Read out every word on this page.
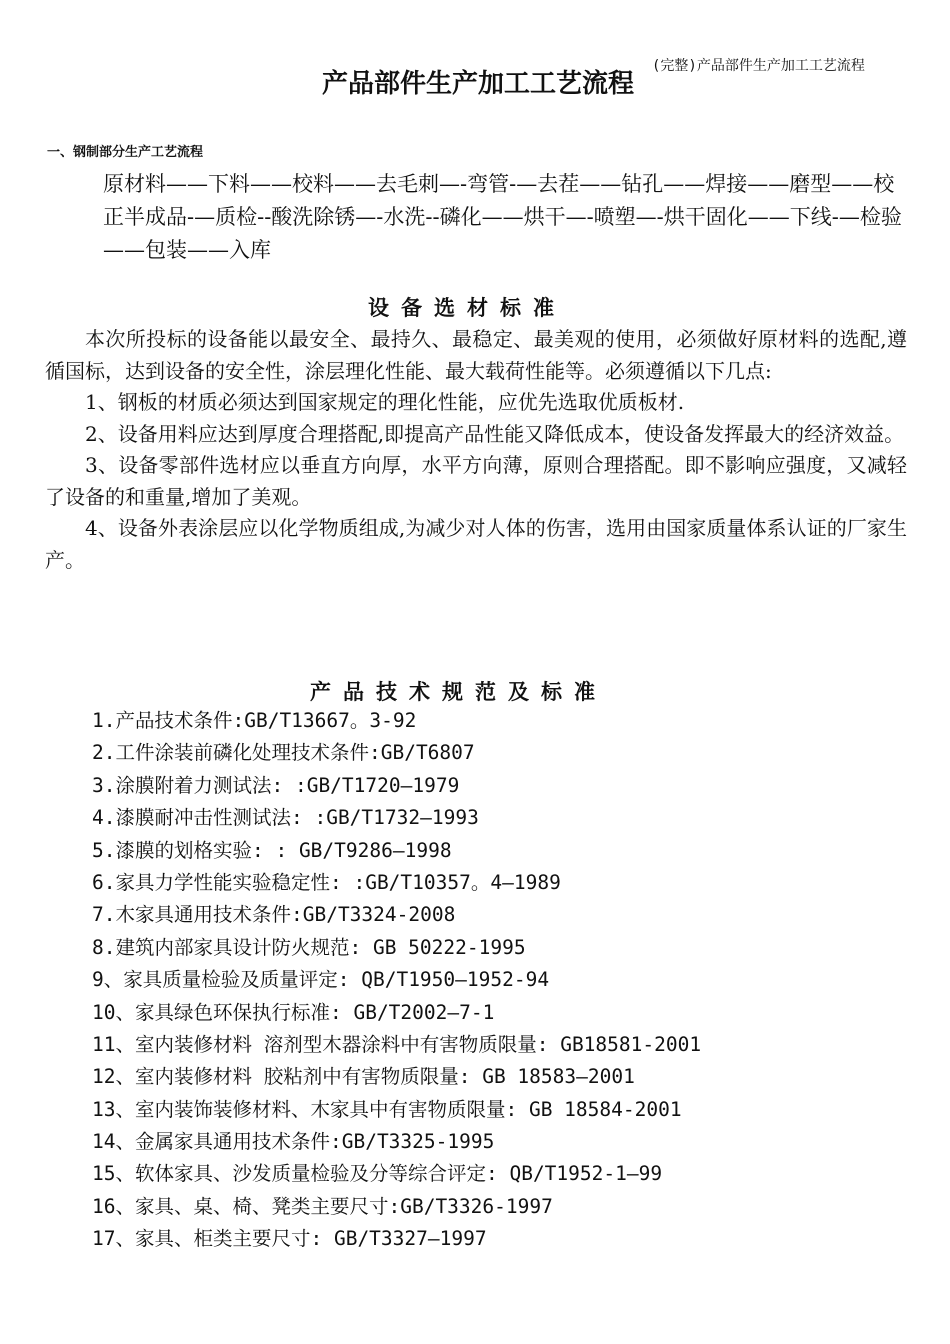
(完整)产品部件生产加工工艺流程
产品部件生产加工工艺流程
一、钢制部分生产工艺流程
原材料——下料——校料——去毛刺—-弯管-—去茬——钻孔——焊接——磨型——校正半成品-—质检--酸洗除锈—-水洗--磷化——烘干—-喷塑—-烘干固化——下线-—检验——包装——入库
设备选材标准

本次所投标的设备能以最安全、最持久、最稳定、最美观的使用，必须做好原材料的选配,遵循国标，达到设备的安全性，涂层理化性能、最大载荷性能等。必须遵循以下几点:

1、钢板的材质必须达到国家规定的理化性能，应优先选取优质板材.

2、设备用料应达到厚度合理搭配,即提高产品性能又降低成本，使设备发挥最大的经济效益。

3、设备零部件选材应以垂直方向厚，水平方向薄，原则合理搭配。即不影响应强度，又减轻了设备的和重量,增加了美观。

4、设备外表涂层应以化学物质组成,为减少对人体的伤害，选用由国家质量体系认证的厂家生产。

产品技术规范及标准
1.产品技术条件:GB/T13667。3-92
2.工件涂装前磷化处理技术条件:GB/T6807
3.涂膜附着力测试法: :GB/T1720—1979
4.漆膜耐冲击性测试法: :GB/T1732—1993
5.漆膜的划格实验: : GB/T9286—1998
6.家具力学性能实验稳定性: :GB/T10357。4—1989
7.木家具通用技术条件:GB/T3324-2008
8.建筑内部家具设计防火规范: GB 50222-1995
9、家具质量检验及质量评定: QB/T1950—1952-94
10、家具绿色环保执行标准: GB/T2002—7-1
11、室内装修材料 溶剂型木器涂料中有害物质限量: GB18581-2001
12、室内装修材料 胶粘剂中有害物质限量: GB 18583—2001
13、室内装饰装修材料、木家具中有害物质限量: GB 18584-2001
14、金属家具通用技术条件:GB/T3325-1995
15、软体家具、沙发质量检验及分等综合评定: QB/T1952-1—99
16、家具、桌、椅、凳类主要尺寸:GB/T3326-1997
17、家具、柜类主要尺寸: GB/T3327—1997
